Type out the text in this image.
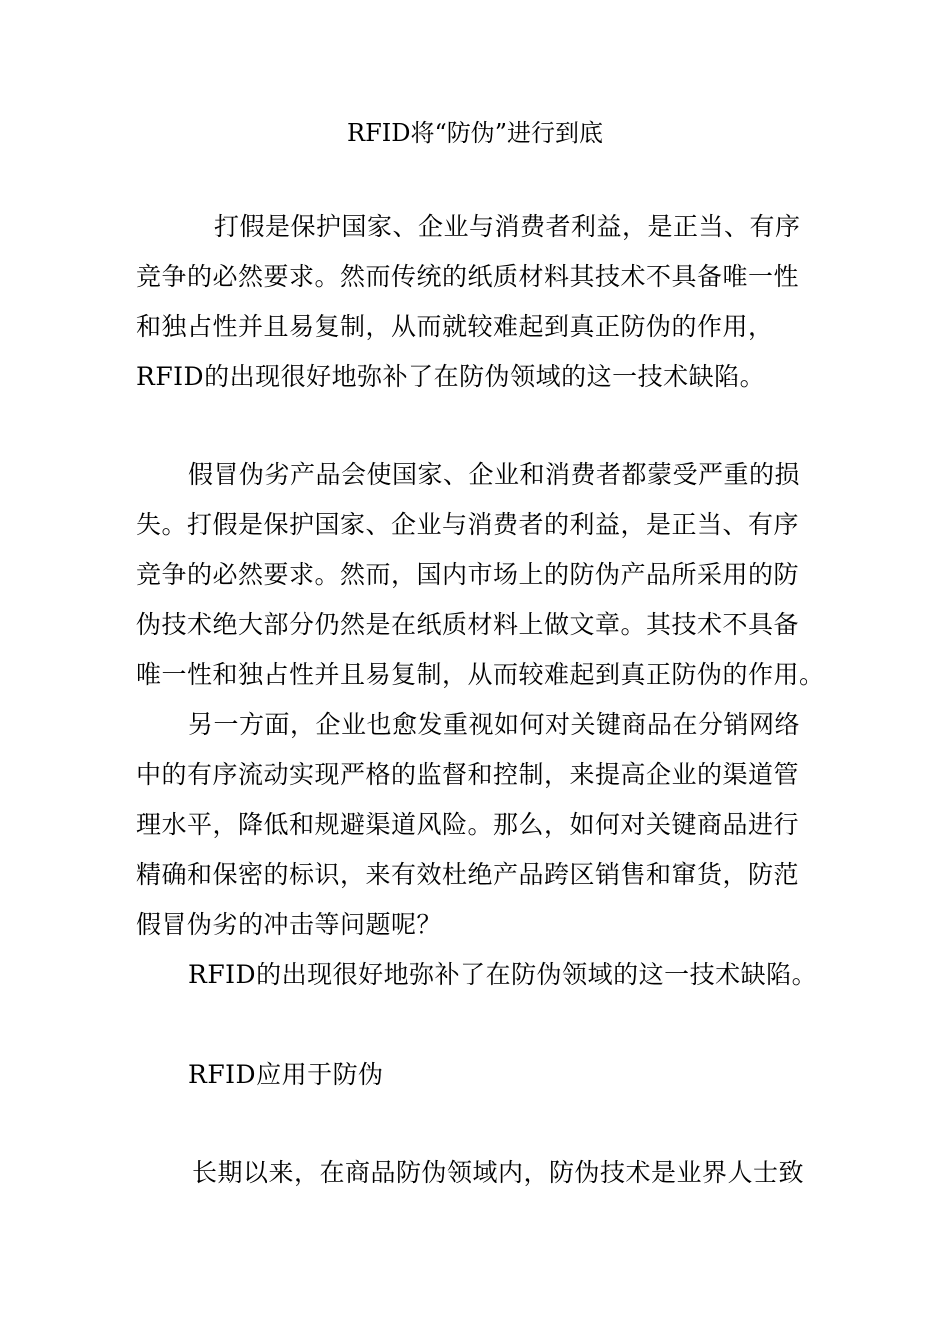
RFID将“防伪”进行到底
打假是保护国家、企业与消费者利益，是正当、有序
竞争的必然要求。然而传统的纸质材料其技术不具备唯一性
和独占性并且易复制，从而就较难起到真正防伪的作用，
RFID的出现很好地弥补了在防伪领域的这一技术缺陷。
假冒伪劣产品会使国家、企业和消费者都蒙受严重的损
失。打假是保护国家、企业与消费者的利益，是正当、有序
竞争的必然要求。然而，国内市场上的防伪产品所采用的防
伪技术绝大部分仍然是在纸质材料上做文章。其技术不具备
唯一性和独占性并且易复制，从而较难起到真正防伪的作用。
另一方面，企业也愈发重视如何对关键商品在分销网络
中的有序流动实现严格的监督和控制，来提高企业的渠道管
理水平，降低和规避渠道风险。那么，如何对关键商品进行
精确和保密的标识，来有效杜绝产品跨区销售和窜货，防范
假冒伪劣的冲击等问题呢？
RFID的出现很好地弥补了在防伪领域的这一技术缺陷。
RFID应用于防伪
长期以来，在商品防伪领域内，防伪技术是业界人士致
